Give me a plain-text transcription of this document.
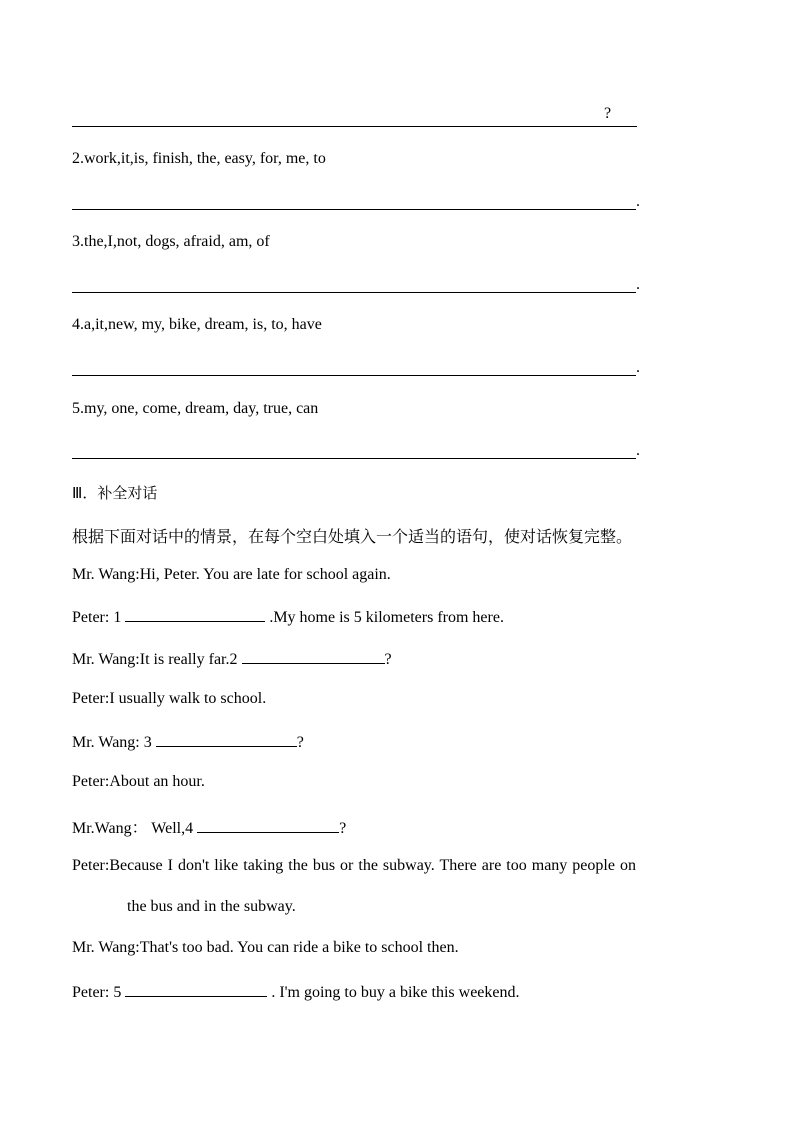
?
2.work,it,is, finish, the, easy, for, me, to
.
3.the,I,not, dogs, afraid, am, of
.
4.a,it,new, my, bike, dream, is, to, have
.
5.my, one, come, dream, day, true, can
.
Ⅲ．补全对话
根据下面对话中的情景，在每个空白处填入一个适当的语句，使对话恢复完整。
Mr. Wang:Hi, Peter. You are late for school again.
Peter: 1	.My home is 5 kilometers from here.
Mr. Wang:It is really far.2	?
Peter:I usually walk to school.
Mr. Wang: 3	?
Peter:About an hour.
Mr.Wang： Well,4	?
Peter:Because I don't like taking the bus or the subway. There are too many people on
the bus and in the subway.
Mr. Wang:That's too bad. You can ride a bike to school then.
Peter: 5	. I'm going to buy a bike this weekend.
